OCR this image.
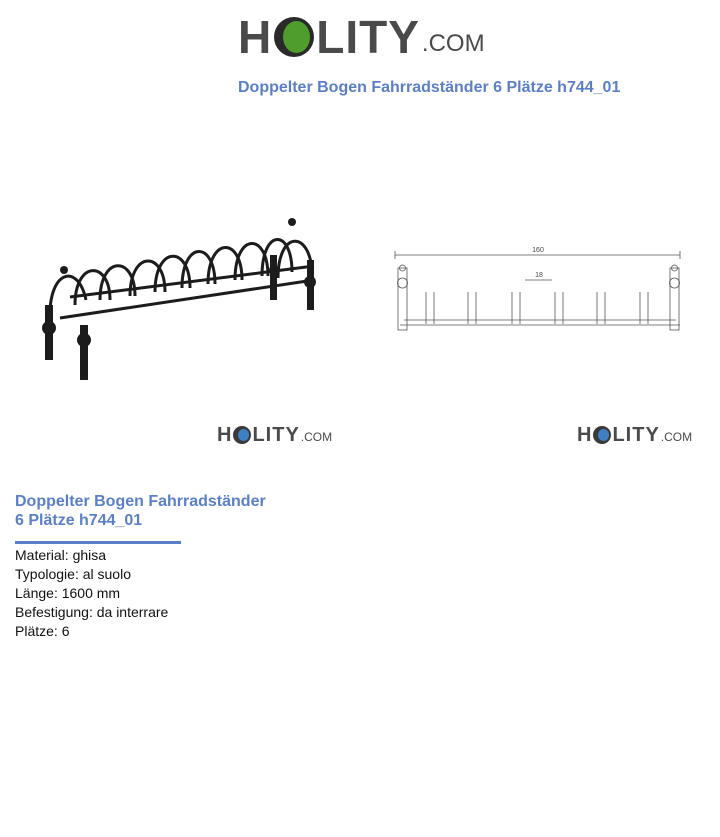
H LITY .COM
Doppelter Bogen Fahrradständer 6 Plätze h744_01
160
18
H LITY .COM	H LITY .COM
Doppelter Bogen Fahrradständer
6 Plätze h744_01
Material: ghisa
Typologie: al suolo
Länge: 1600 mm
Befestigung: da interrare
Plätze: 6
